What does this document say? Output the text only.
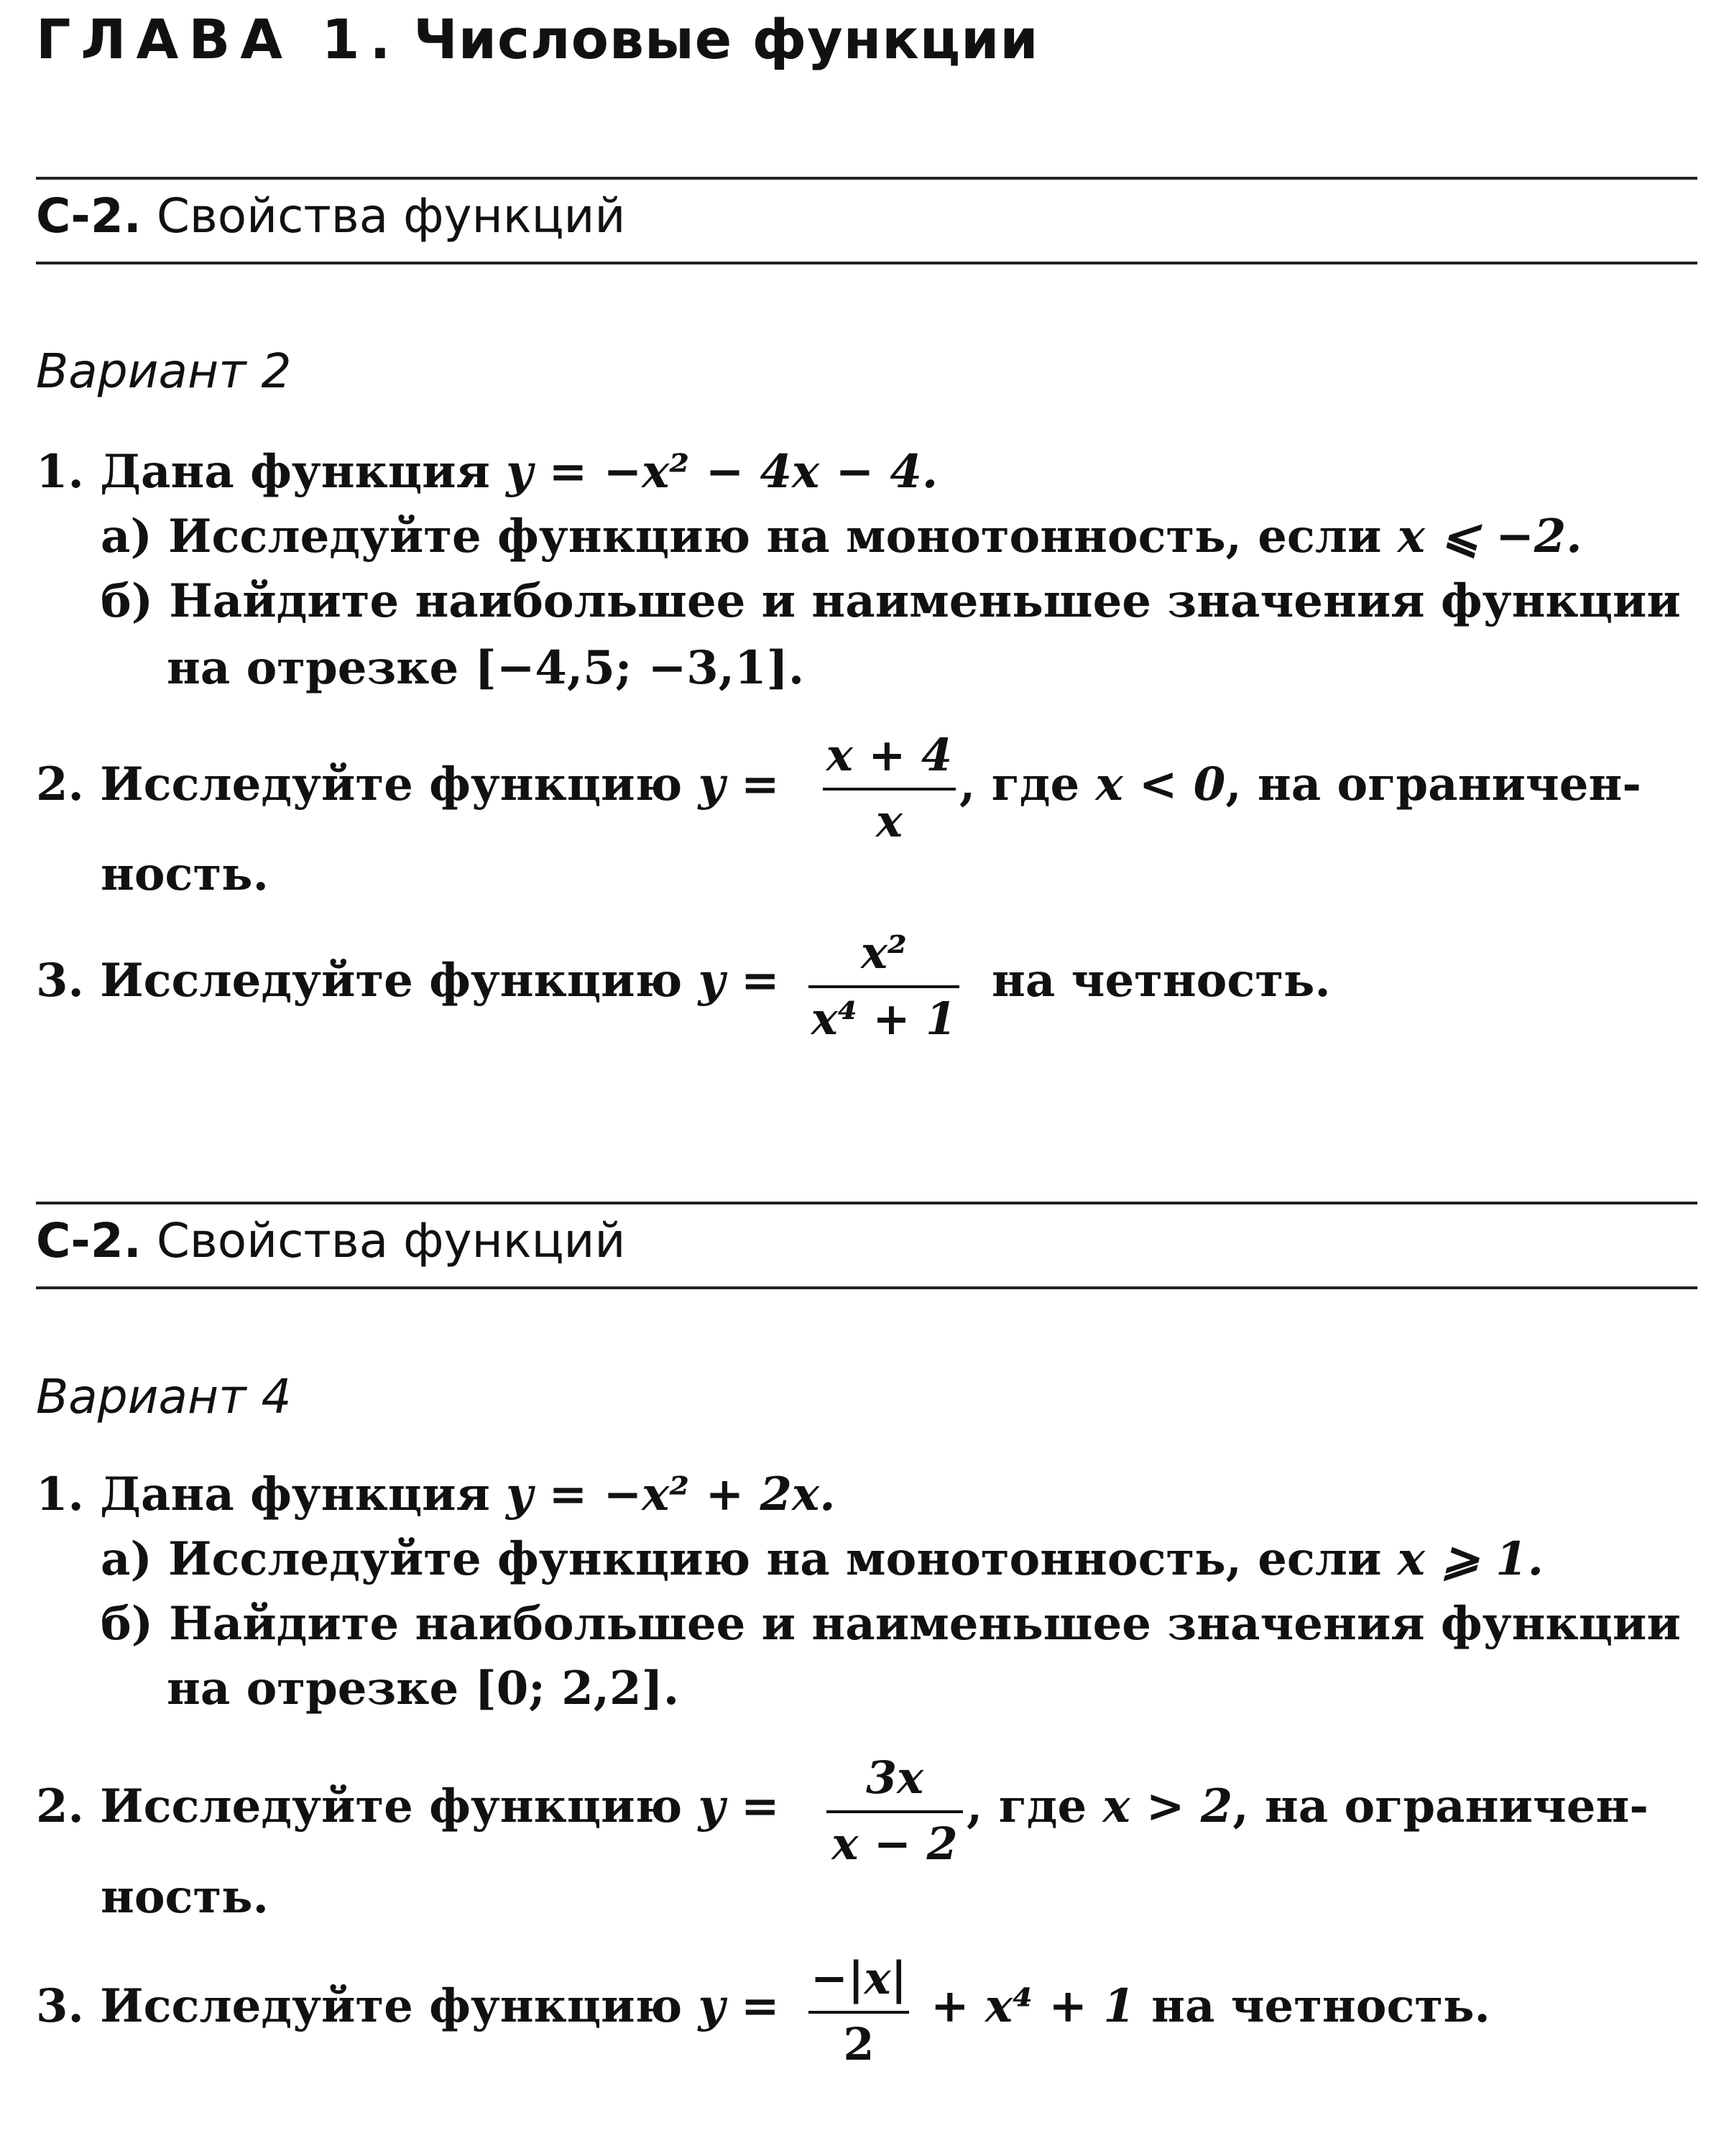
ГЛАВА 1. Числовые функции
С-2. Свойства функций
Вариант 2
1. Дана функция y = −x² − 4x − 4.
а) Исследуйте функцию на монотонность, если x ⩽ −2.
б) Найдите наибольшее и наименьшее значения функции
на отрезке [−4,5; −3,1].
2. Исследуйте функцию y =
x + 4
x
, где x < 0, на ограничен-
ность.
3. Исследуйте функцию y =
x²
x⁴ + 1
на четность.
С-2. Свойства функций
Вариант 4
1. Дана функция y = −x² + 2x.
а) Исследуйте функцию на монотонность, если x ⩾ 1.
б) Найдите наибольшее и наименьшее значения функции
на отрезке [0; 2,2].
2. Исследуйте функцию y =
3x
x − 2
, где x > 2, на ограничен-
ность.
3. Исследуйте функцию y =
−|x|
2
+ x⁴ + 1 на четность.
